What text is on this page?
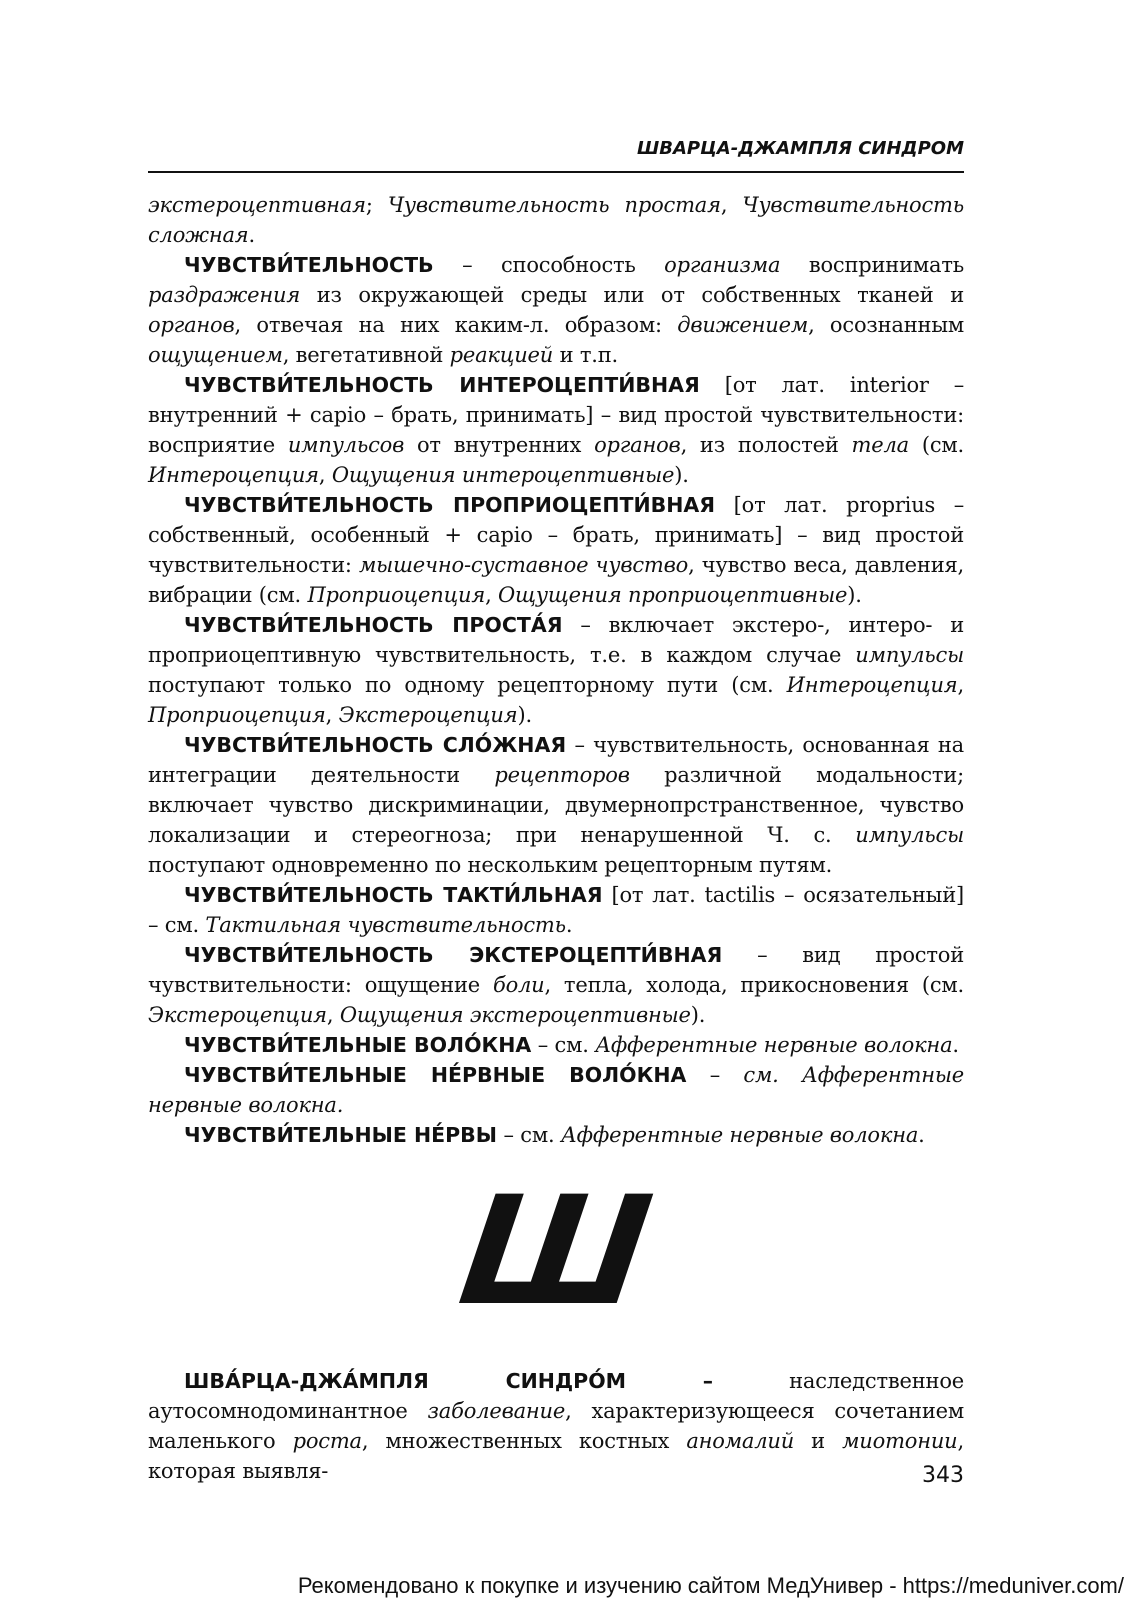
ШВАРЦА-ДЖАМПЛЯ СИНДРОМ

экстероцептивная; Чувствительность простая, Чувствительность сложная.

ЧУВСТВИ́ТЕЛЬНОСТЬ – способность организма воспринимать раздражения из окружающей среды или от собственных тканей и органов, отвечая на них каким-л. образом: движением, осознанным ощущением, вегетативной реакцией и т.п.

ЧУВСТВИ́ТЕЛЬНОСТЬ ИНТЕРОЦЕПТИ́ВНАЯ [от лат. interior – внутренний + capio – брать, принимать] – вид простой чувствительности: восприятие импульсов от внутренних органов, из полостей тела (см. Интероцепция, Ощущения интероцептивные).

ЧУВСТВИ́ТЕЛЬНОСТЬ ПРОПРИОЦЕПТИ́ВНАЯ [от лат. proprius – собственный, особенный + capio – брать, принимать] – вид простой чувствительности: мышечно-суставное чувство, чувство веса, давления, вибрации (см. Проприоцепция, Ощущения проприоцептивные).

ЧУВСТВИ́ТЕЛЬНОСТЬ ПРОСТА́Я – включает экстеро-, интеро- и проприоцептивную чувствительность, т.е. в каждом случае импульсы поступают только по одному рецепторному пути (см. Интероцепция, Проприоцепция, Экстероцепция).

ЧУВСТВИ́ТЕЛЬНОСТЬ СЛО́ЖНАЯ – чувствительность, основанная на интеграции деятельности рецепторов различной модальности; включает чувство дискриминации, двумернопрстранственное, чувство локализации и стереогноза; при ненарушенной Ч. с. импульсы поступают одновременно по нескольким рецепторным путям.

ЧУВСТВИ́ТЕЛЬНОСТЬ ТАКТИ́ЛЬНАЯ [от лат. tactilis – осязательный] – см. Тактильная чувствительность.

ЧУВСТВИ́ТЕЛЬНОСТЬ ЭКСТЕРОЦЕПТИ́ВНАЯ – вид простой чувствительности: ощущение боли, тепла, холода, прикосновения (см. Экстероцепция, Ощущения экстероцептивные).

ЧУВСТВИ́ТЕЛЬНЫЕ ВОЛО́КНА – см. Афферентные нервные волокна.

ЧУВСТВИ́ТЕЛЬНЫЕ НЕ́РВНЫЕ ВОЛО́КНА – см. Афферентные нервные волокна.

ЧУВСТВИ́ТЕЛЬНЫЕ НЕ́РВЫ – см. Афферентные нервные волокна.

Ш

ШВА́РЦА-ДЖА́МПЛЯ СИНДРО́М – наследственное аутосомнодоминантное заболевание, характеризующееся сочетанием маленького роста, множественных костных аномалий и миотонии, которая выявля-	343
Рекомендовано к покупке и изучению сайтом МедУнивер - https://meduniver.com/
